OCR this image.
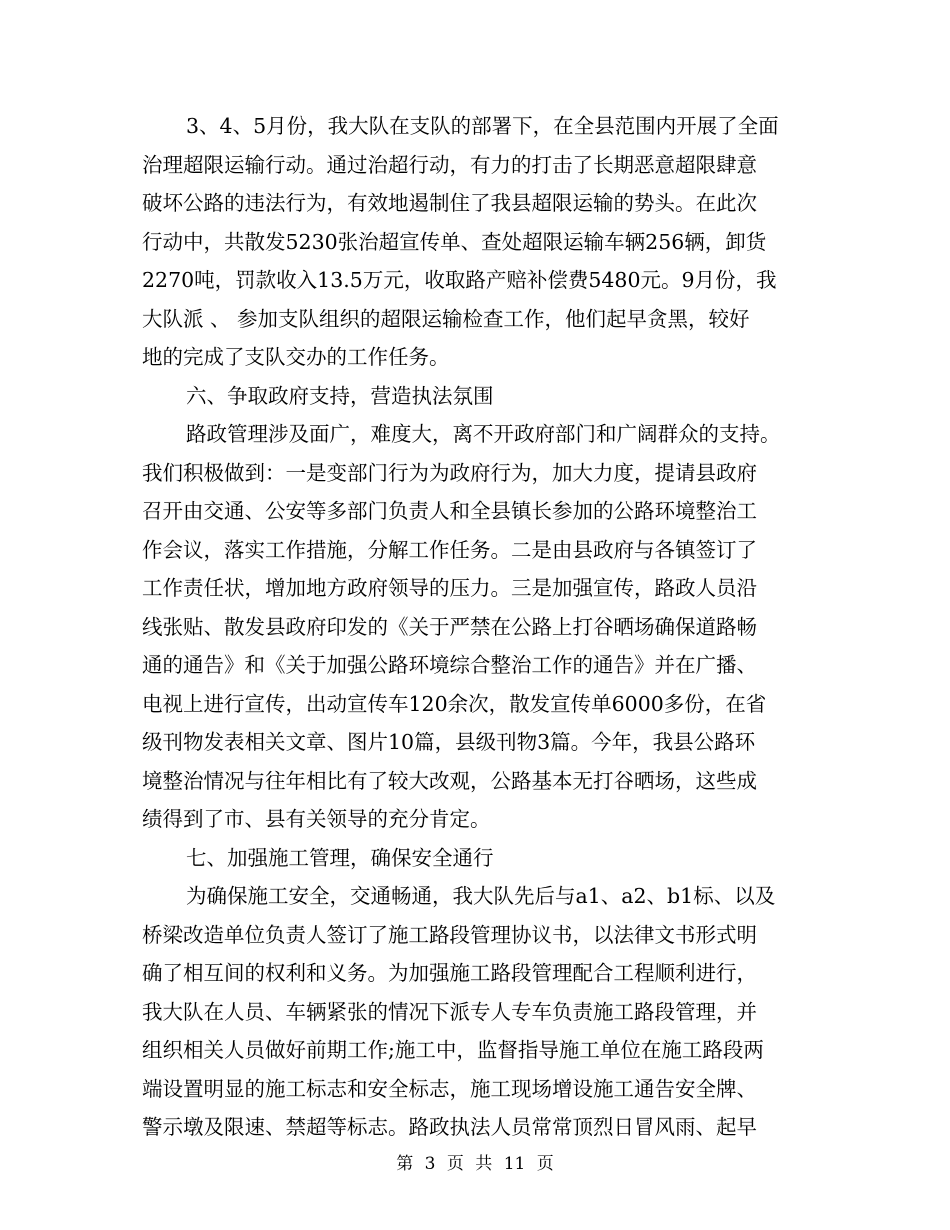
3、4、5月份，我大队在支队的部署下，在全县范围内开展了全面
治理超限运输行动。通过治超行动，有力的打击了长期恶意超限肆意
破坏公路的违法行为，有效地遏制住了我县超限运输的势头。在此次
行动中，共散发5230张治超宣传单、查处超限运输车辆256辆，卸货
2270吨，罚款收入13.5万元，收取路产赔补偿费5480元。9月份，我
大队派 、 参加支队组织的超限运输检查工作，他们起早贪黑，较好
地的完成了支队交办的工作任务。
六、争取政府支持，营造执法氛围
路政管理涉及面广，难度大，离不开政府部门和广阔群众的支持。
我们积极做到：一是变部门行为为政府行为，加大力度，提请县政府
召开由交通、公安等多部门负责人和全县镇长参加的公路环境整治工
作会议，落实工作措施，分解工作任务。二是由县政府与各镇签订了
工作责任状，增加地方政府领导的压力。三是加强宣传，路政人员沿
线张贴、散发县政府印发的《关于严禁在公路上打谷晒场确保道路畅
通的通告》和《关于加强公路环境综合整治工作的通告》并在广播、
电视上进行宣传，出动宣传车120余次，散发宣传单6000多份，在省
级刊物发表相关文章、图片10篇，县级刊物3篇。今年，我县公路环
境整治情况与往年相比有了较大改观，公路基本无打谷晒场，这些成
绩得到了市、县有关领导的充分肯定。
七、加强施工管理，确保安全通行
为确保施工安全，交通畅通，我大队先后与a1、a2、b1标、以及
桥梁改造单位负责人签订了施工路段管理协议书，以法律文书形式明
确了相互间的权利和义务。为加强施工路段管理配合工程顺利进行，
我大队在人员、车辆紧张的情况下派专人专车负责施工路段管理，并
组织相关人员做好前期工作;施工中，监督指导施工单位在施工路段两
端设置明显的施工标志和安全标志，施工现场增设施工通告安全牌、
警示墩及限速、禁超等标志。路政执法人员常常顶烈日冒风雨、起早
第 3 页 共 11 页
